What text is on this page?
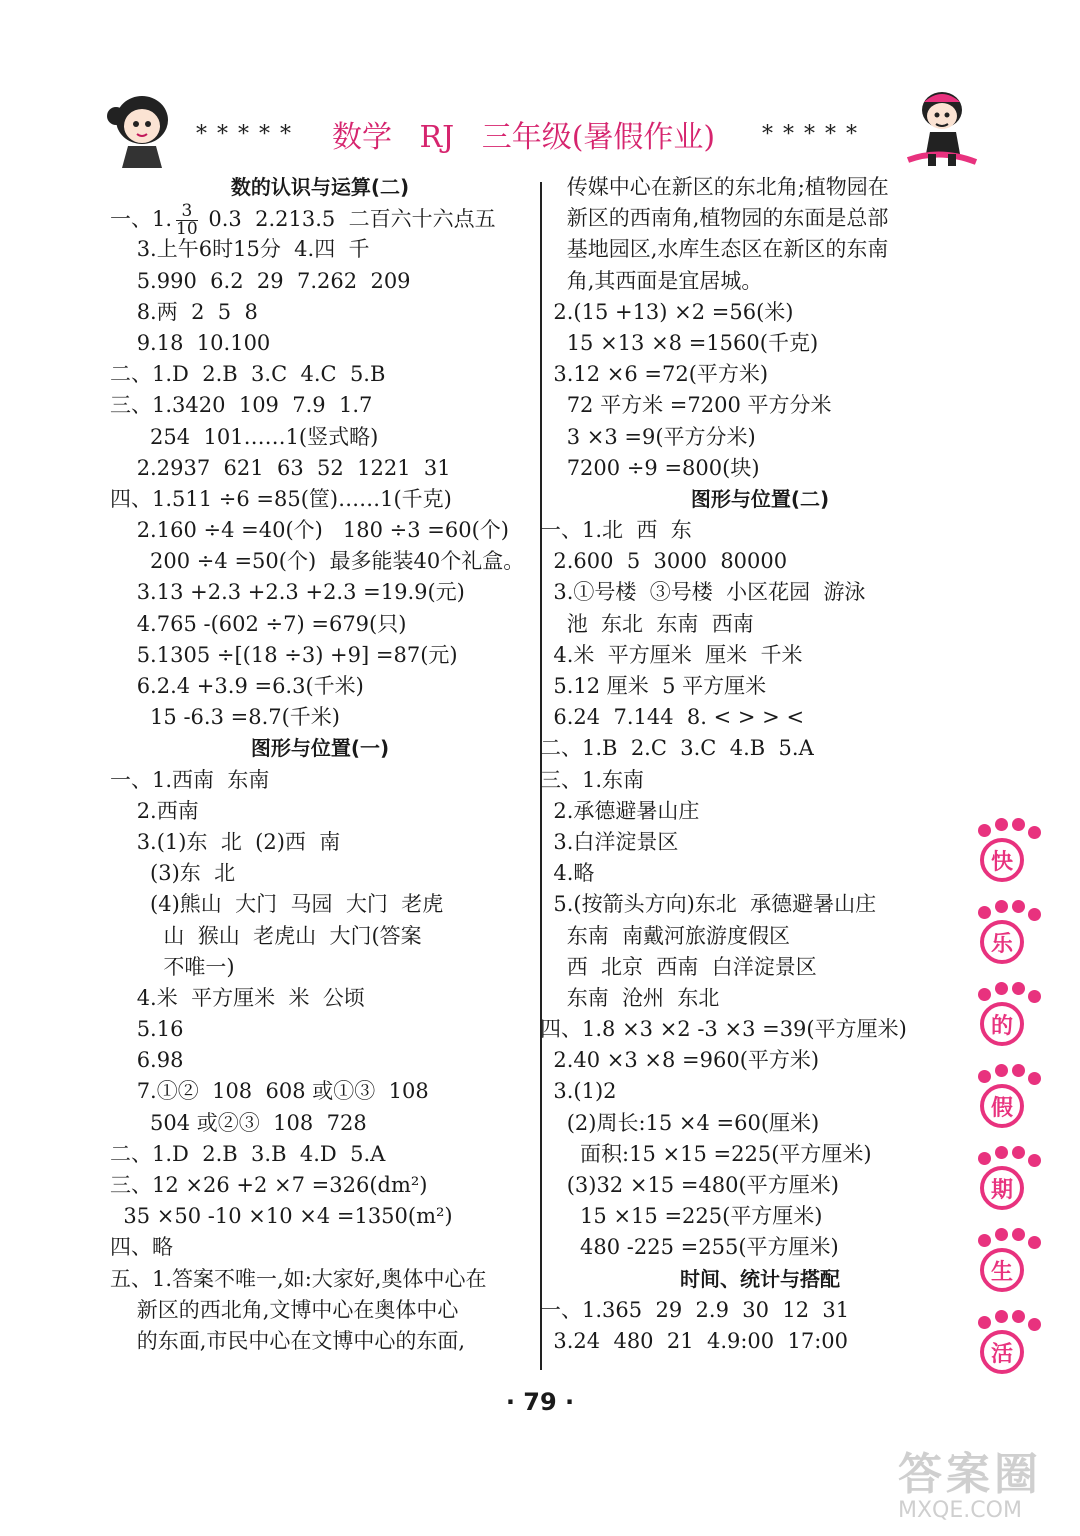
***** 数学 RJ 三年级(暑假作业)	*****
数的认识与运算(二)
一、1. $\frac{3}{10} 0.3$  2.213.5  二百六十六点五
3.上午6时15分  4.四  千
5.990  6.2  29  7.262  209
8.两  2  5  8
9.18  10.100
二、1.D  2.B  3.C  4.C  5.B
三、1.3420  109  7.9  1.7
254  101……1(竖式略)
2.2937  621  63  52  1221  31
四、1.511 ÷6 =85(筐)……1(千克)
2.160 ÷4 =40(个)   180 ÷3 =60(个)
200 ÷4 =50(个)  最多能装40个礼盒。
3.13 +2.3 +2.3 +2.3 =19.9(元)
4.765 -(602 ÷7) =679(只)
5.1305 ÷[(18 ÷3) +9] =87(元)
6.2.4 +3.9 =6.3(千米)
15 -6.3 =8.7(千米)
图形与位置(一)
一、1.西南  东南
2.西南
3.(1)东  北  (2)西  南
(3)东  北
(4)熊山  大门  马园  大门  老虎
山  猴山  老虎山  大门(答案
不唯一)
4.米  平方厘米  米  公顷
5.16
6.98
7.①②  108  608 或①③  108
504 或②③  108  728
二、1.D  2.B  3.B  4.D  5.A
三、12 ×26 +2 ×7 =326(dm²)
35 ×50 -10 ×10 ×4 =1350(m²)
四、略
五、1.答案不唯一,如:大家好,奥体中心在
新区的西北角,文博中心在奥体中心
的东面,市民中心在文博中心的东面,
传媒中心在新区的东北角;植物园在
新区的西南角,植物园的东面是总部
基地园区,水库生态区在新区的东南
角,其西面是宜居城。
2.(15 +13) ×2 =56(米)
15 ×13 ×8 =1560(千克)
3.12 ×6 =72(平方米)
72 平方米 =7200 平方分米
3 ×3 =9(平方分米)
7200 ÷9 =800(块)
图形与位置(二)
一、1.北  西  东
2.600  5  3000  80000
3.①号楼  ③号楼  小区花园  游泳
池  东北  东南  西南
4.米  平方厘米  厘米  千米
5.12 厘米  5 平方厘米
6.24  7.144  8. < > > <
二、1.B  2.C  3.C  4.B  5.A
三、1.东南
2.承德避暑山庄
3.白洋淀景区
4.略
5.(按箭头方向)东北  承德避暑山庄
东南  南戴河旅游度假区
西  北京  西南  白洋淀景区
东南  沧州  东北
四、1.8 ×3 ×2 -3 ×3 =39(平方厘米)
2.40 ×3 ×8 =960(平方米)
3.(1)2
(2)周长:15 ×4 =60(厘米)
面积:15 ×15 =225(平方厘米)
(3)32 ×15 =480(平方厘米)
15 ×15 =225(平方厘米)
480 -225 =255(平方厘米)
时间、统计与搭配
一、1.365  29  2.9  30  12  31
3.24  480  21  4.9:00  17:00
· 79 ·
快
乐
的
假
期
生
活
答案圈
MXQE.COM
